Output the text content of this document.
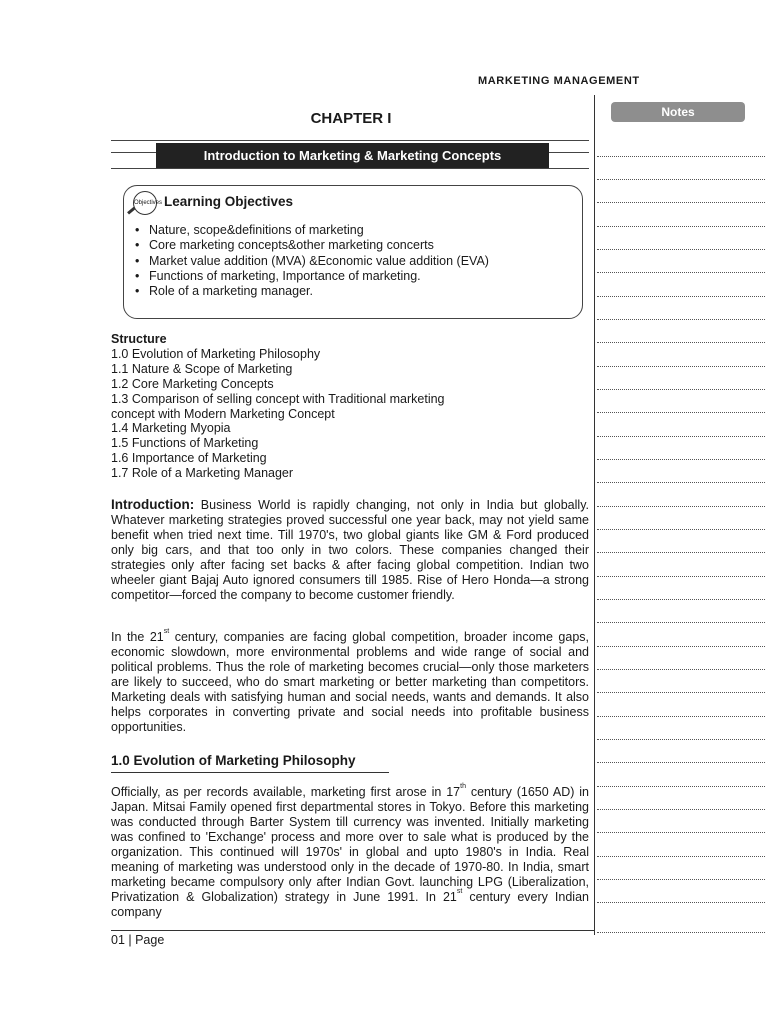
MARKETING MANAGEMENT
Notes
CHAPTER I
Introduction to Marketing & Marketing Concepts
Objectives Learning Objectives
• Nature, scope&definitions of marketing
• Core marketing concepts&other marketing concerts
• Market value addition (MVA) &Economic value addition (EVA)
• Functions of marketing, Importance of marketing.
• Role of a marketing manager.
Structure
1.0 Evolution of Marketing Philosophy
1.1 Nature & Scope of Marketing
1.2 Core Marketing Concepts
1.3 Comparison of selling concept with Traditional marketing
concept with Modern Marketing Concept
1.4 Marketing Myopia
1.5 Functions of Marketing
1.6 Importance of Marketing
1.7 Role of a Marketing Manager
Introduction: Business World is rapidly changing, not only in India but globally. Whatever marketing strategies proved successful one year back, may not yield same benefit when tried next time. Till 1970's, two global giants like GM & Ford produced only big cars, and that too only in two colors. These companies changed their strategies only after facing set backs & after facing global competition. Indian two wheeler giant Bajaj Auto ignored consumers till 1985. Rise of Hero Honda—a strong competitor—forced the company to become customer friendly.
In the 21st century, companies are facing global competition, broader income gaps, economic slowdown, more environmental problems and wide range of social and political problems. Thus the role of marketing becomes crucial—only those marketers are likely to succeed, who do smart marketing or better marketing than competitors. Marketing deals with satisfying human and social needs, wants and demands. It also helps corporates in converting private and social needs into profitable business opportunities.
1.0 Evolution of Marketing Philosophy
Officially, as per records available, marketing first arose in 17th century (1650 AD) in Japan. Mitsai Family opened first departmental stores in Tokyo. Before this marketing was conducted through Barter System till currency was invented. Initially marketing was confined to 'Exchange' process and more over to sale what is produced by the organization. This continued will 1970s' in global and upto 1980's in India. Real meaning of marketing was understood only in the decade of 1970-80. In India, smart marketing became compulsory only after Indian Govt. launching LPG (Liberalization, Privatization & Globalization) strategy in June 1991. In 21st century every Indian company
01 | Page
